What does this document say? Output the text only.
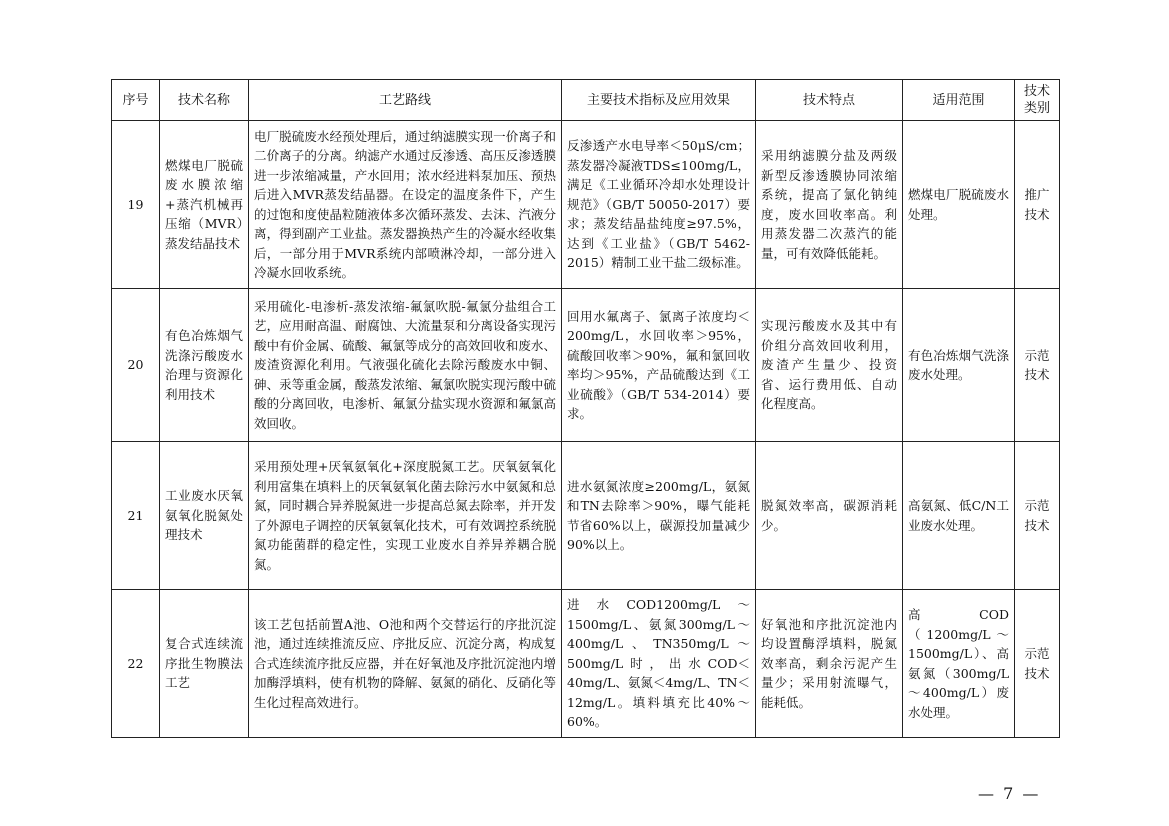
序号	技术名称	工艺路线	主要技术指标及应用效果	技术特点	适用范围	技术类别
19	燃煤电厂脱硫废水膜浓缩+蒸汽机械再压缩（MVR）蒸发结晶技术	电厂脱硫废水经预处理后，通过纳滤膜实现一价离子和二价离子的分离。纳滤产水通过反渗透、高压反渗透膜进一步浓缩减量，产水回用；浓水经进料泵加压、预热后进入MVR蒸发结晶器。在设定的温度条件下，产生的过饱和度使晶粒随液体多次循环蒸发、去沫、汽液分离，得到副产工业盐。蒸发器换热产生的冷凝水经收集后，一部分用于MVR系统内部喷淋冷却，一部分进入冷凝水回收系统。	反渗透产水电导率＜50μS/cm；蒸发器冷凝液TDS≤100mg/L，满足《工业循环冷却水处理设计规范》（GB/T 50050-2017）要求；蒸发结晶盐纯度≥97.5%，达到《工业盐》（GB/T 5462-2015）精制工业干盐二级标准。	采用纳滤膜分盐及两级新型反渗透膜协同浓缩系统，提高了氯化钠纯度，废水回收率高。利用蒸发器二次蒸汽的能量，可有效降低能耗。	燃煤电厂脱硫废水处理。	推广技术
20	有色冶炼烟气洗涤污酸废水治理与资源化利用技术	采用硫化-电渗析-蒸发浓缩-氟氯吹脱-氟氯分盐组合工艺，应用耐高温、耐腐蚀、大流量泵和分离设备实现污酸中有价金属、硫酸、氟氯等成分的高效回收和废水、废渣资源化利用。气液强化硫化去除污酸废水中铜、砷、汞等重金属，酸蒸发浓缩、氟氯吹脱实现污酸中硫酸的分离回收，电渗析、氟氯分盐实现水资源和氟氯高效回收。	回用水氟离子、氯离子浓度均＜200mg/L，水回收率＞95%，硫酸回收率＞90%，氟和氯回收率均＞95%，产品硫酸达到《工业硫酸》（GB/T 534-2014）要求。	实现污酸废水及其中有价组分高效回收利用，废渣产生量少、投资省、运行费用低、自动化程度高。	有色冶炼烟气洗涤废水处理。	示范技术
21	工业废水厌氧氨氧化脱氮处理技术	采用预处理+厌氧氨氧化+深度脱氮工艺。厌氧氨氧化利用富集在填料上的厌氧氨氧化菌去除污水中氨氮和总氮，同时耦合异养脱氮进一步提高总氮去除率，并开发了外源电子调控的厌氧氨氧化技术，可有效调控系统脱氮功能菌群的稳定性，实现工业废水自养异养耦合脱氮。	进水氨氮浓度≥200mg/L，氨氮和TN去除率＞90%，曝气能耗节省60%以上，碳源投加量减少90%以上。	脱氮效率高，碳源消耗少。	高氨氮、低C/N工业废水处理。	示范技术
22	复合式连续流序批生物膜法工艺	该工艺包括前置A池、O池和两个交替运行的序批沉淀池，通过连续推流反应、序批反应、沉淀分离，构成复合式连续流序批反应器，并在好氧池及序批沉淀池内增加酶浮填料，使有机物的降解、氨氮的硝化、反硝化等生化过程高效进行。	进水COD1200mg/L～1500mg/L、氨氮300mg/L～400mg/L、TN350mg/L～500mg/L时，出水COD＜40mg/L、氨氮＜4mg/L、TN＜12mg/L。填料填充比40%～60%。	好氧池和序批沉淀池内均设置酶浮填料，脱氮效率高，剩余污泥产生量少；采用射流曝气，能耗低。	高COD（1200mg/L～1500mg/L）、高氨氮（300mg/L～400mg/L）废水处理。	示范技术
— 7 —
